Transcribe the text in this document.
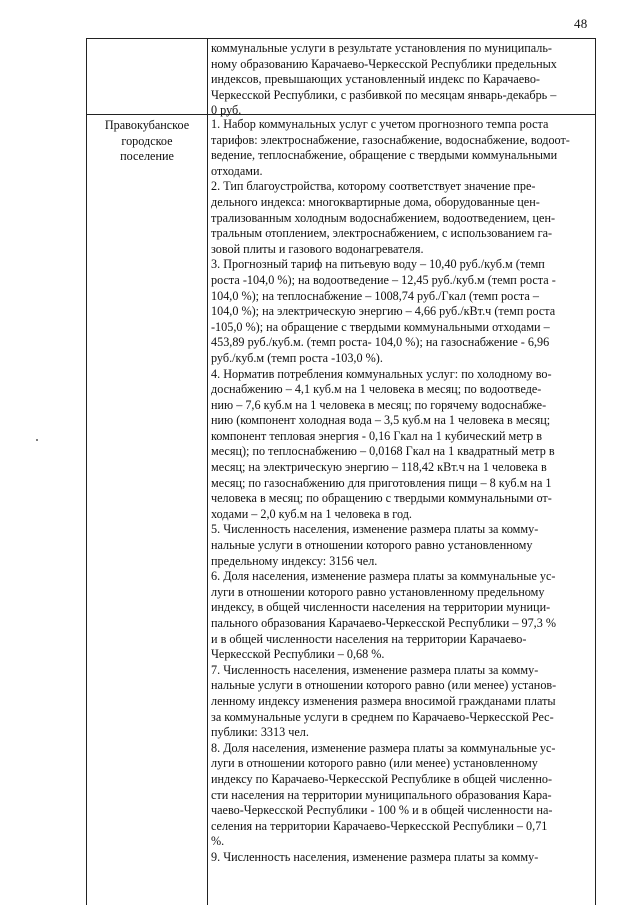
48
коммунальные услуги в результате установления по муниципаль-
ному образованию Карачаево-Черкесской Республики предельных
индексов, превышающих установленный индекс по Карачаево-
Черкесской Республики, с разбивкой по месяцам январь-декабрь –
0 руб.
Правокубанское
городское
поселение
1. Набор коммунальных услуг с учетом прогнозного темпа роста
тарифов: электроснабжение, газоснабжение, водоснабжение, водоот-
ведение, теплоснабжение, обращение с твердыми коммунальными
отходами.
2. Тип благоустройства, которому соответствует значение пре-
дельного индекса: многоквартирные дома, оборудованные цен-
трализованным холодным водоснабжением, водоотведением, цен-
тральным отоплением, электроснабжением, с использованием га-
зовой плиты и газового водонагревателя.
3. Прогнозный тариф на питьевую воду – 10,40 руб./куб.м (темп
роста -104,0 %); на водоотведение – 12,45 руб./куб.м (темп роста -
104,0 %); на теплоснабжение – 1008,74 руб./Гкал (темп роста –
104,0 %); на электрическую энергию – 4,66 руб./кВт.ч (темп роста
-105,0 %); на обращение с твердыми коммунальными отходами –
453,89 руб./куб.м. (темп роста- 104,0 %); на газоснабжение - 6,96
руб./куб.м (темп роста -103,0 %).
4. Норматив потребления коммунальных услуг: по холодному во-
доснабжению – 4,1 куб.м на 1 человека в месяц; по водоотведе-
нию – 7,6 куб.м на 1 человека в месяц; по горячему водоснабже-
нию (компонент холодная вода – 3,5 куб.м на 1 человека в месяц;
компонент тепловая энергия - 0,16 Гкал на 1 кубический метр в
месяц); по теплоснабжению – 0,0168 Гкал на 1 квадратный метр в
месяц; на электрическую энергию – 118,42 кВт.ч на 1 человека в
месяц; по газоснабжению для приготовления пищи – 8 куб.м на 1
человека в месяц; по обращению с твердыми коммунальными от-
ходами – 2,0 куб.м на 1 человека в год.
5. Численность населения, изменение размера платы за комму-
нальные услуги в отношении которого равно установленному
предельному индексу: 3156 чел.
6. Доля населения, изменение размера платы за коммунальные ус-
луги в отношении которого равно установленному предельному
индексу, в общей численности населения на территории муници-
пального образования Карачаево-Черкесской Республики – 97,3 %
и в общей численности населения на территории Карачаево-
Черкесской Республики – 0,68 %.
7. Численность населения, изменение размера платы за комму-
нальные услуги в отношении которого равно (или менее) установ-
ленному индексу изменения размера вносимой гражданами платы
за коммунальные услуги в среднем по Карачаево-Черкесской Рес-
публики: 3313 чел.
8. Доля населения, изменение размера платы за коммунальные ус-
луги в отношении которого равно (или менее) установленному
индексу по Карачаево-Черкесской Республике в общей численно-
сти населения на территории муниципального образования Кара-
чаево-Черкесской Республики - 100 % и в общей численности на-
селения на территории Карачаево-Черкесской Республики – 0,71
%.
9. Численность населения, изменение размера платы за комму-
